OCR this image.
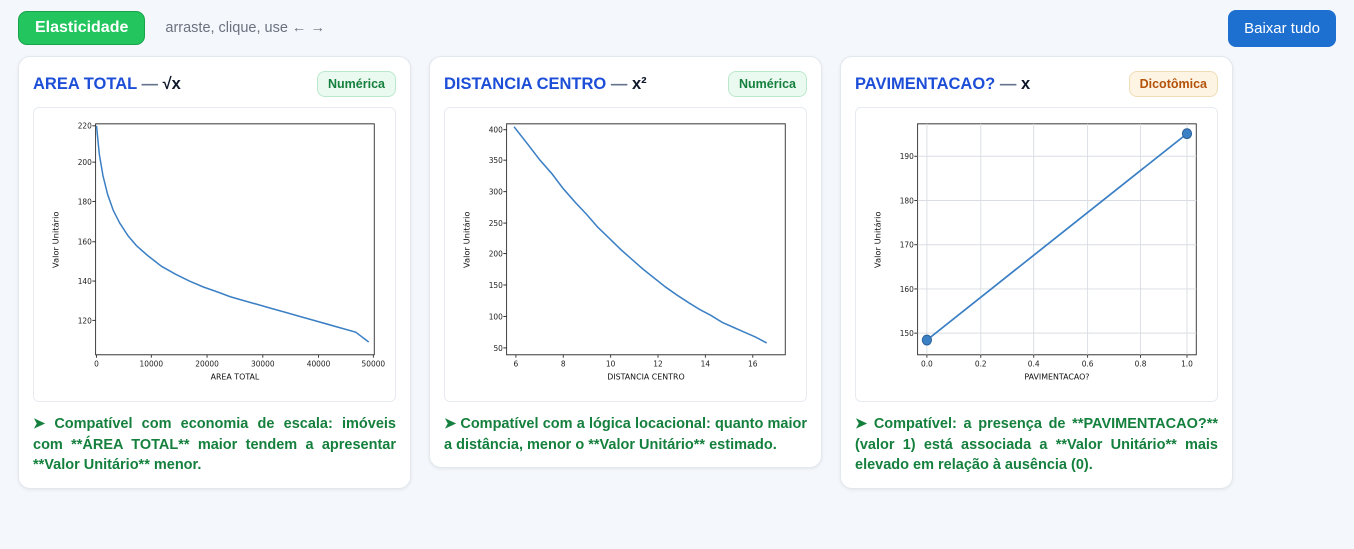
Elasticidade	arraste, clique, use ← →	Baixar tudo
AREA TOTAL — √x	Numérica
220
200
180
160
140
120
0	10000	20000	30000	40000	50000
AREA TOTAL
Valor Unitário
➤ Compatível com economia de escala: imóveis com **ÁREA TOTAL** maior tendem a apresentar **Valor Unitário** menor.
DISTANCIA CENTRO — x²	Numérica
400
350
300
250
200
150
100
50
6	8	10	12	14	16
DISTANCIA CENTRO
Valor Unitário
➤ Compatível com a lógica locacional: quanto maior a distância, menor o **Valor Unitário** estimado.
PAVIMENTACAO? — x	Dicotômica
190
180
170
160
150
0.0	0.2	0.4	0.6	0.8	1.0
PAVIMENTACAO?
Valor Unitário
➤ Compatível: a presença de **PAVIMENTACAO?** (valor 1) está associada a **Valor Unitário** mais elevado em relação à ausência (0).
